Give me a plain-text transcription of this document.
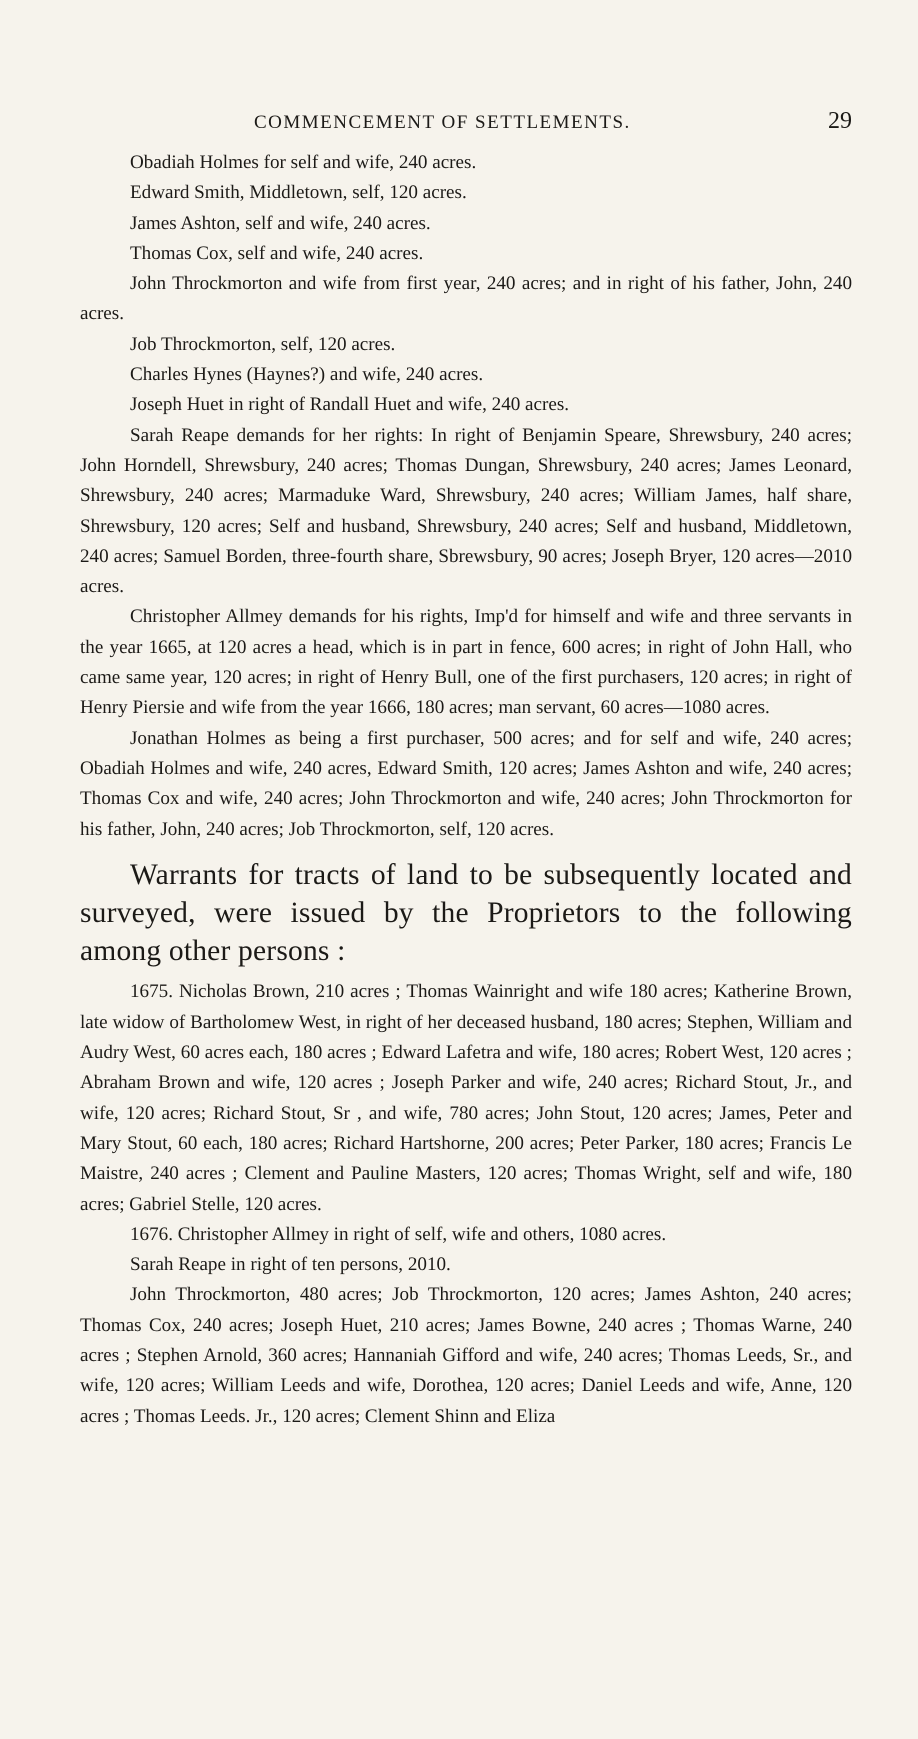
COMMENCEMENT OF SETTLEMENTS.	29

Obadiah Holmes for self and wife, 240 acres.

Edward Smith, Middletown, self, 120 acres.

James Ashton, self and wife, 240 acres.

Thomas Cox, self and wife, 240 acres.

John Throckmorton and wife from first year, 240 acres; and in right of his father, John, 240 acres.

Job Throckmorton, self, 120 acres.

Charles Hynes (Haynes?) and wife, 240 acres.

Joseph Huet in right of Randall Huet and wife, 240 acres.

Sarah Reape demands for her rights: In right of Benjamin Speare, Shrewsbury, 240 acres; John Horndell, Shrewsbury, 240 acres; Thomas Dungan, Shrewsbury, 240 acres; James Leonard, Shrewsbury, 240 acres; Marmaduke Ward, Shrewsbury, 240 acres; William James, half share, Shrewsbury, 120 acres; Self and husband, Shrewsbury, 240 acres; Self and husband, Middletown, 240 acres; Samuel Borden, three-fourth share, Sbrewsbury, 90 acres; Joseph Bryer, 120 acres—2010 acres.

Christopher Allmey demands for his rights, Imp'd for himself and wife and three servants in the year 1665, at 120 acres a head, which is in part in fence, 600 acres; in right of John Hall, who came same year, 120 acres; in right of Henry Bull, one of the first purchasers, 120 acres; in right of Henry Piersie and wife from the year 1666, 180 acres; man servant, 60 acres—1080 acres.

Jonathan Holmes as being a first purchaser, 500 acres; and for self and wife, 240 acres; Obadiah Holmes and wife, 240 acres, Edward Smith, 120 acres; James Ashton and wife, 240 acres; Thomas Cox and wife, 240 acres; John Throckmorton and wife, 240 acres; John Throckmorton for his father, John, 240 acres; Job Throckmorton, self, 120 acres.

Warrants for tracts of land to be subsequently located and surveyed, were issued by the Proprietors to the following among other persons :

1675. Nicholas Brown, 210 acres ; Thomas Wainright and wife 180 acres; Katherine Brown, late widow of Bartholomew West, in right of her deceased husband, 180 acres; Stephen, William and Audry West, 60 acres each, 180 acres ; Edward Lafetra and wife, 180 acres; Robert West, 120 acres ; Abraham Brown and wife, 120 acres ; Joseph Parker and wife, 240 acres; Richard Stout, Jr., and wife, 120 acres; Richard Stout, Sr , and wife, 780 acres; John Stout, 120 acres; James, Peter and Mary Stout, 60 each, 180 acres; Richard Hartshorne, 200 acres; Peter Parker, 180 acres; Francis Le Maistre, 240 acres ; Clement and Pauline Masters, 120 acres; Thomas Wright, self and wife, 180 acres; Gabriel Stelle, 120 acres.

1676. Christopher Allmey in right of self, wife and others, 1080 acres.

Sarah Reape in right of ten persons, 2010.

John Throckmorton, 480 acres; Job Throckmorton, 120 acres; James Ashton, 240 acres; Thomas Cox, 240 acres; Joseph Huet, 210 acres; James Bowne, 240 acres ; Thomas Warne, 240 acres ; Stephen Arnold, 360 acres; Hannaniah Gifford and wife, 240 acres; Thomas Leeds, Sr., and wife, 120 acres; William Leeds and wife, Dorothea, 120 acres; Daniel Leeds and wife, Anne, 120 acres ; Thomas Leeds. Jr., 120 acres; Clement Shinn and Eliza
